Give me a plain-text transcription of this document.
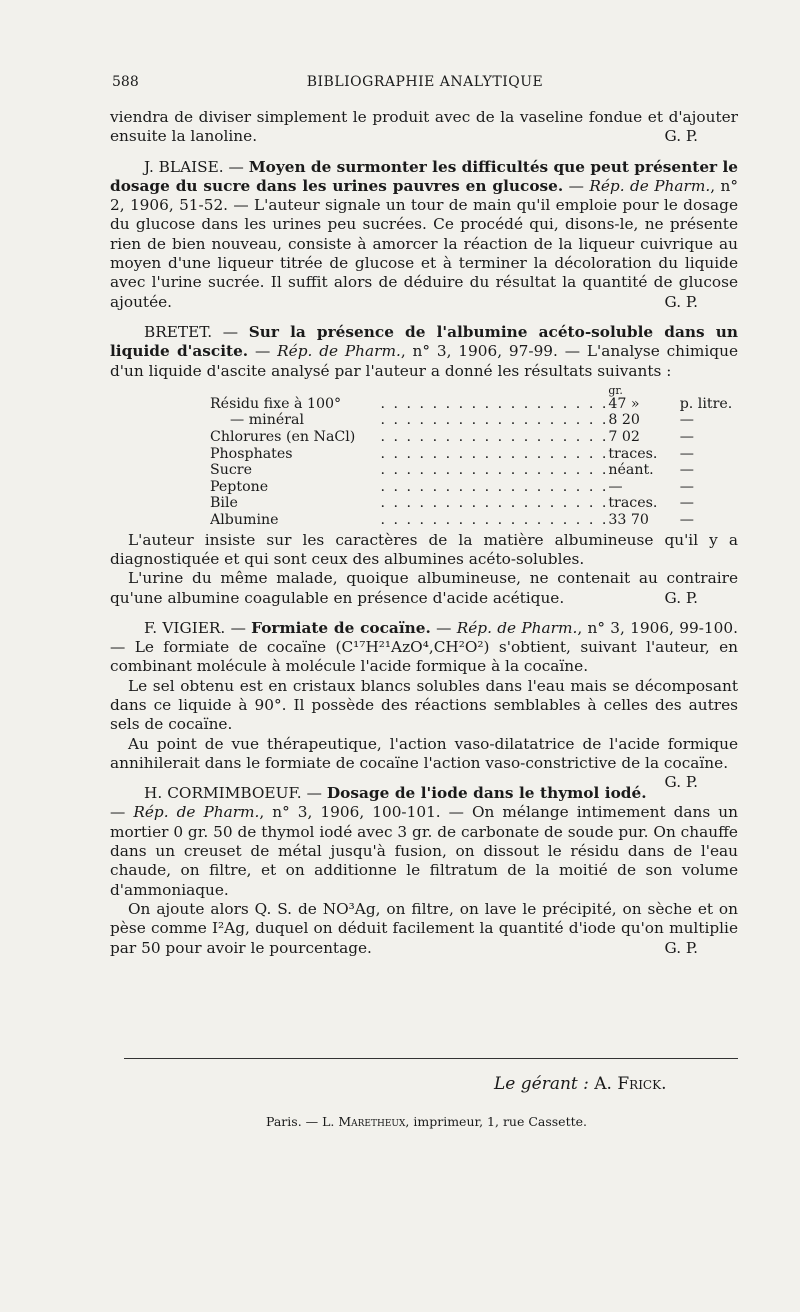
588	BIBLIOGRAPHIE ANALYTIQUE

viendra de diviser simplement le produit avec de la vaseline fondue et d'ajouter ensuite la lanoline.	G. P.

J. BLAISE. — Moyen de surmonter les difficultés que peut présenter le dosage du sucre dans les urines pauvres en glucose. — Rép. de Pharm., n° 2, 1906, 51-52. — L'auteur signale un tour de main qu'il emploie pour le dosage du glucose dans les urines peu sucrées. Ce procédé qui, disons-le, ne présente rien de bien nouveau, consiste à amorcer la réaction de la liqueur cuivrique au moyen d'une liqueur titrée de glucose et à terminer la décoloration du liquide avec l'urine sucrée. Il suffit alors de déduire du résultat la quantité de glucose ajoutée.	G. P.

BRETET. — Sur la présence de l'albumine acéto-soluble dans un liquide d'ascite. — Rép. de Pharm., n° 3, 1906, 97-99. — L'analyse chimique d'un liquide d'ascite analysé par l'auteur a donné les résultats suivants :

		gr.	
Résidu fixe à 100°	. . . . . . . . . . . . . . . . . .	47 »	p. litre.
— minéral	. . . . . . . . . . . . . . . . . .	8 20	—
Chlorures (en NaCl)	. . . . . . . . . . . . . . . . . .	7 02	—
Phosphates	. . . . . . . . . . . . . . . . . .	traces.	—
Sucre	. . . . . . . . . . . . . . . . . .	néant.	—
Peptone	. . . . . . . . . . . . . . . . . .	—	—
Bile	. . . . . . . . . . . . . . . . . .	traces.	—
Albumine	. . . . . . . . . . . . . . . . . .	33 70	—

L'auteur insiste sur les caractères de la matière albumineuse qu'il y a diagnostiquée et qui sont ceux des albumines acéto-solubles.

L'urine du même malade, quoique albumineuse, ne contenait au contraire qu'une albumine coagulable en présence d'acide acétique.	G. P.

F. VIGIER. — Formiate de cocaïne. — Rép. de Pharm., n° 3, 1906, 99-100. — Le formiate de cocaïne (C¹⁷H²¹AzO⁴,CH²O²) s'obtient, suivant l'auteur, en combinant molécule à molécule l'acide formique à la cocaïne.

Le sel obtenu est en cristaux blancs solubles dans l'eau mais se décomposant dans ce liquide à 90°. Il possède des réactions semblables à celles des autres sels de cocaïne.

Au point de vue thérapeutique, l'action vaso-dilatatrice de l'acide formique annihilerait dans le formiate de cocaïne l'action vaso-constrictive de la cocaïne.
G. P.

H. CORMIMBOEUF. — Dosage de l'iode dans le thymol iodé. — Rép. de Pharm., n° 3, 1906, 100-101. — On mélange intimement dans un mortier 0 gr. 50 de thymol iodé avec 3 gr. de carbonate de soude pur. On chauffe dans un creuset de métal jusqu'à fusion, on dissout le résidu dans de l'eau chaude, on filtre, et on additionne le filtratum de la moitié de son volume d'ammoniaque.

On ajoute alors Q. S. de NO³Ag, on filtre, on lave le précipité, on sèche et on pèse comme I²Ag, duquel on déduit facilement la quantité d'iode qu'on multiplie par 50 pour avoir le pourcentage.	G. P.

Le gérant : A. Frick.
Paris. — L. Maretheux, imprimeur, 1, rue Cassette.
